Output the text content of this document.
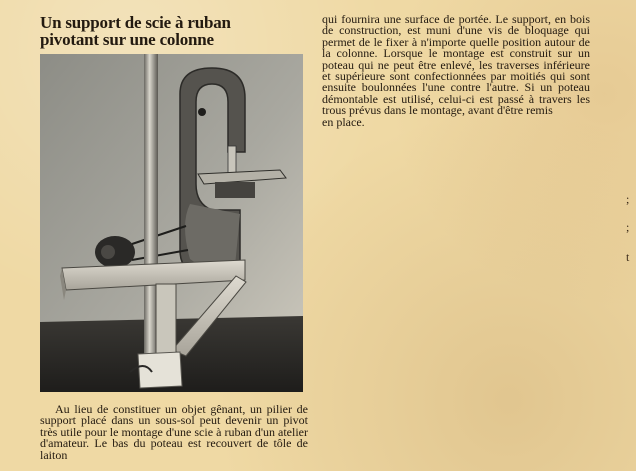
Un support de scie à ruban
pivotant sur une colonne

Au lieu de constituer un objet gênant, un pilier de support placé dans un sous-sol peut devenir un pivot très utile pour le montage d'une scie à ruban d'un atelier d'amateur. Le bas du poteau est recouvert de tôle de laiton

qui fournira une surface de portée. Le support, en bois de construction, est muni d'une vis de bloquage qui permet de le fixer à n'importe quelle position autour de la colonne. Lorsque le montage est construit sur un poteau qui ne peut être enlevé, les traverses inférieure et supérieure sont confectionnées par moitiés qui sont ensuite boulonnées l'une contre l'autre. Si un poteau démontable est utilisé, celui-ci est passé à travers les trous prévus dans le montage, avant d'être remis
en place.
;
;
t
